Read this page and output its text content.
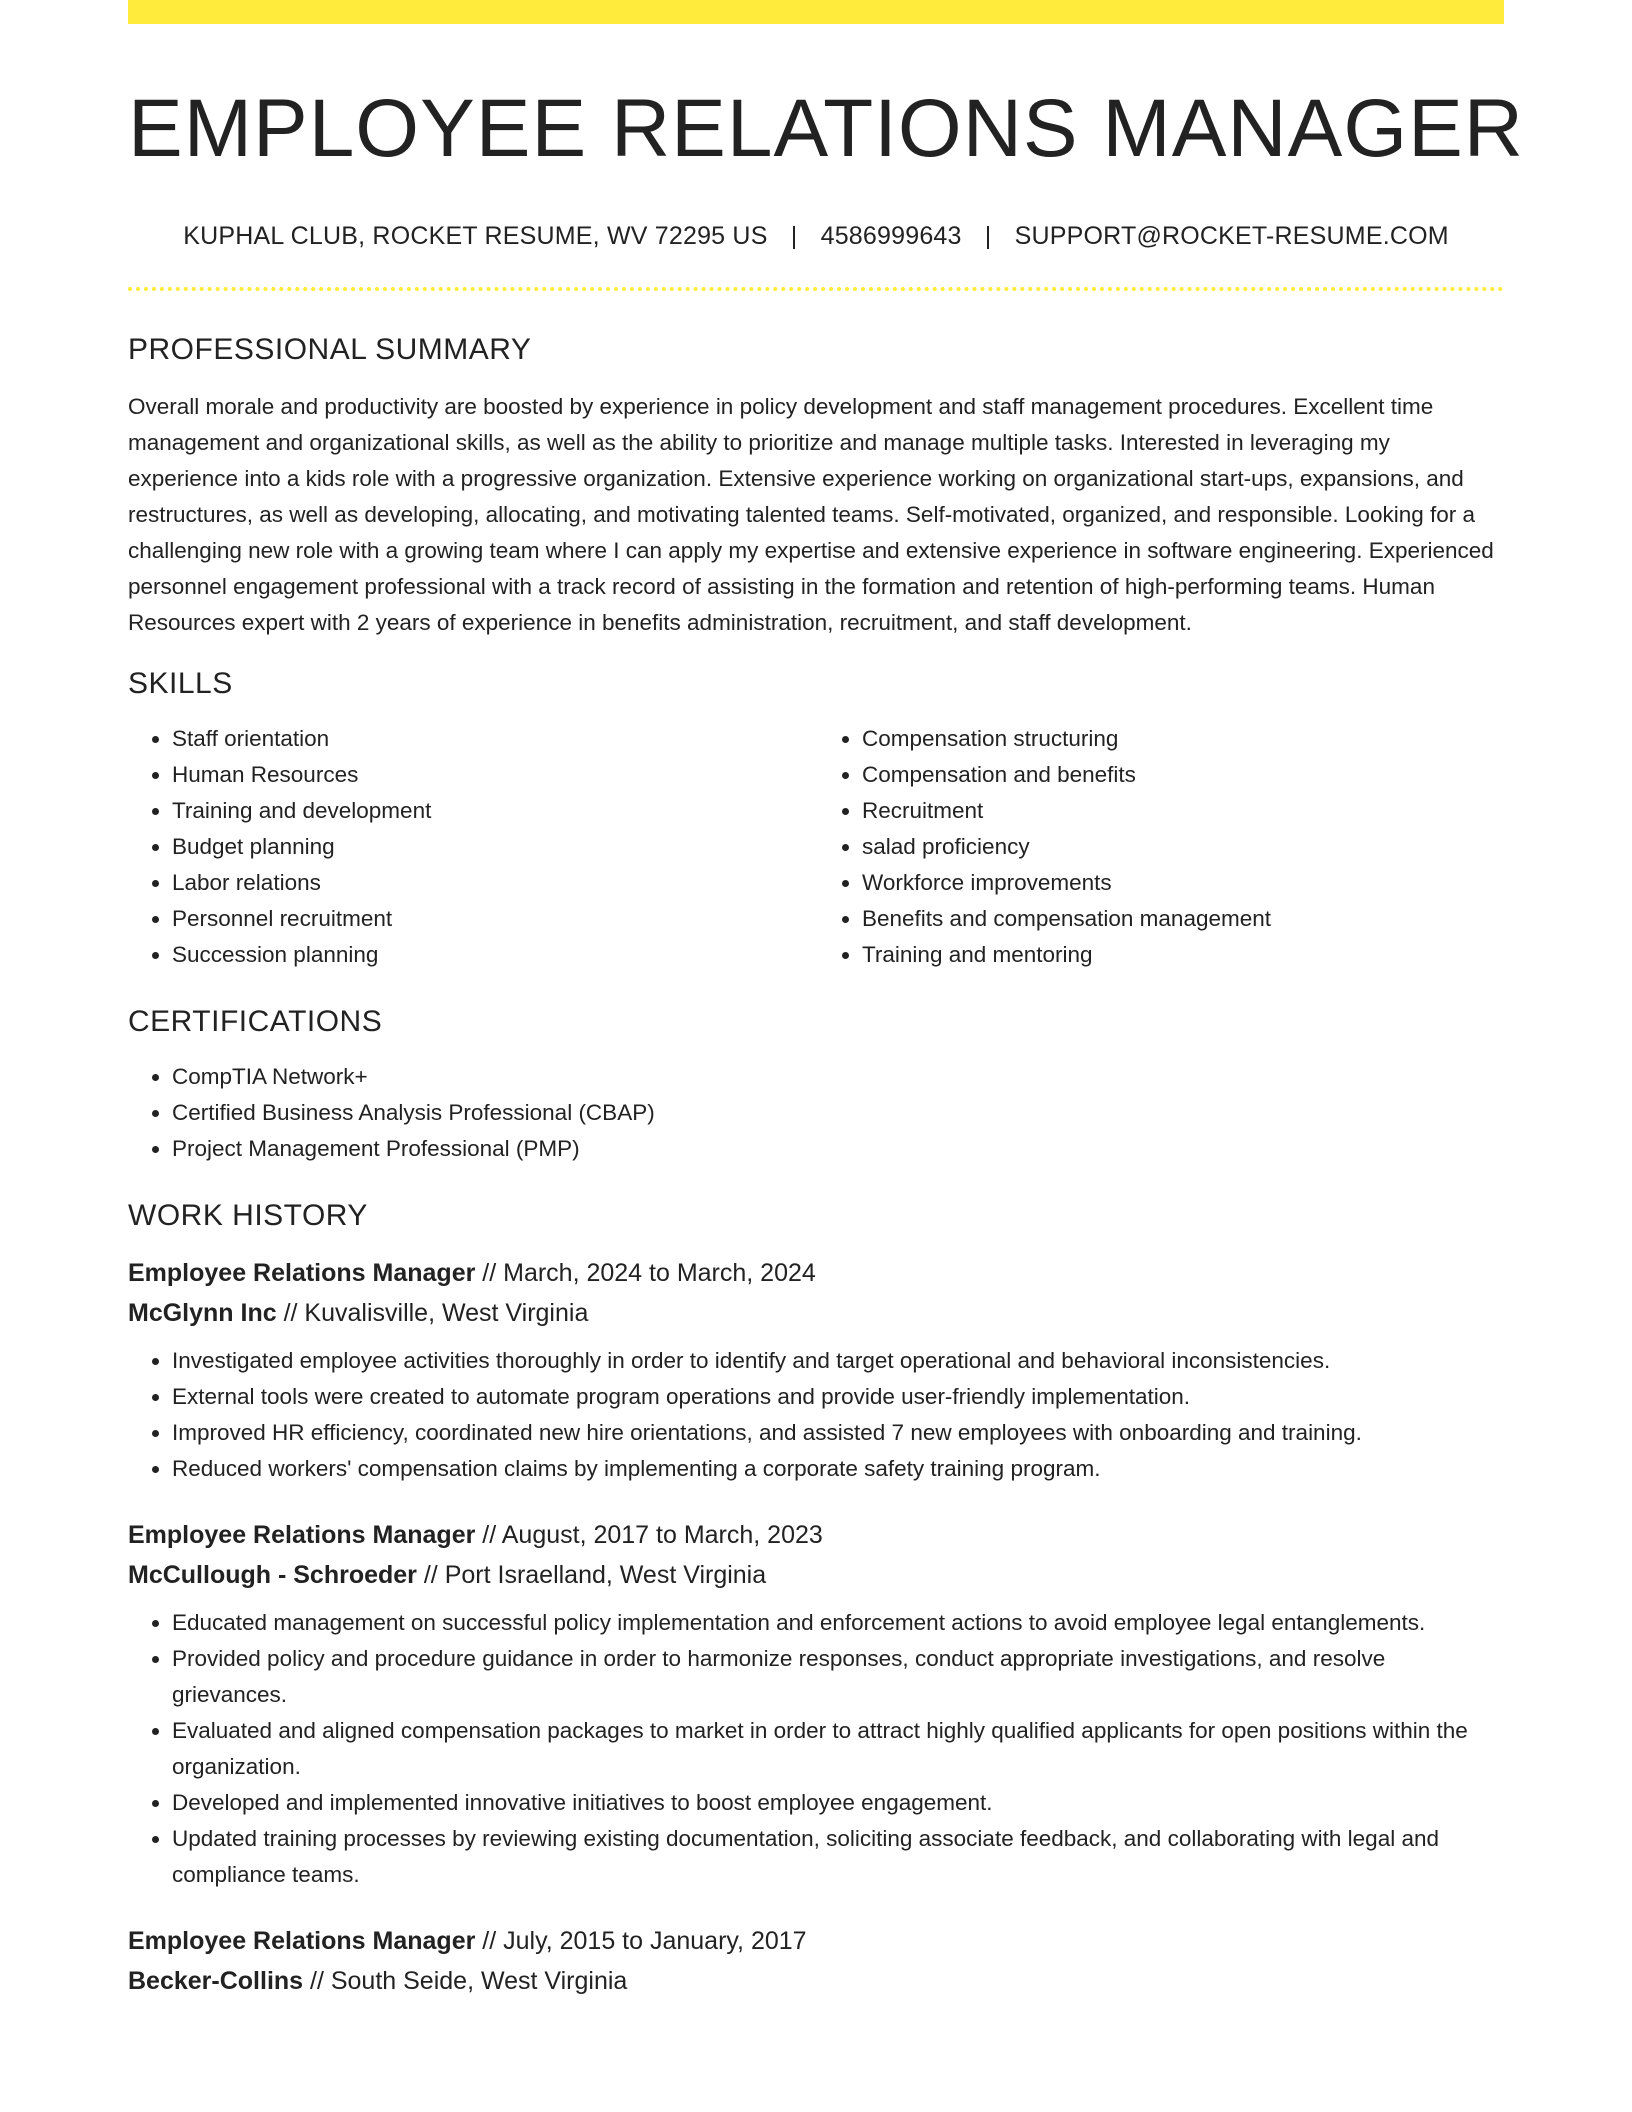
EMPLOYEE RELATIONS MANAGER
KUPHAL CLUB, ROCKET RESUME, WV 72295 US | 4586999643 | SUPPORT@ROCKET-RESUME.COM
PROFESSIONAL SUMMARY

Overall morale and productivity are boosted by experience in policy development and staff management procedures. Excellent time management and organizational skills, as well as the ability to prioritize and manage multiple tasks. Interested in leveraging my experience into a kids role with a progressive organization. Extensive experience working on organizational start-ups, expansions, and restructures, as well as developing, allocating, and motivating talented teams. Self-motivated, organized, and responsible. Looking for a challenging new role with a growing team where I can apply my expertise and extensive experience in software engineering. Experienced personnel engagement professional with a track record of assisting in the formation and retention of high-performing teams. Human Resources expert with 2 years of experience in benefits administration, recruitment, and staff development.

SKILLS
• Staff orientation
• Human Resources
• Training and development
• Budget planning
• Labor relations
• Personnel recruitment
• Succession planning
• Compensation structuring
• Compensation and benefits
• Recruitment
• salad proficiency
• Workforce improvements
• Benefits and compensation management
• Training and mentoring
CERTIFICATIONS
• CompTIA Network+
• Certified Business Analysis Professional (CBAP)
• Project Management Professional (PMP)
WORK HISTORY
Employee Relations Manager // March, 2024 to March, 2024
McGlynn Inc // Kuvalisville, West Virginia
• Investigated employee activities thoroughly in order to identify and target operational and behavioral inconsistencies.
• External tools were created to automate program operations and provide user-friendly implementation.
• Improved HR efficiency, coordinated new hire orientations, and assisted 7 new employees with onboarding and training.
• Reduced workers' compensation claims by implementing a corporate safety training program.
Employee Relations Manager // August, 2017 to March, 2023
McCullough - Schroeder // Port Israelland, West Virginia
• Educated management on successful policy implementation and enforcement actions to avoid employee legal entanglements.
• Provided policy and procedure guidance in order to harmonize responses, conduct appropriate investigations, and resolve grievances.
• Evaluated and aligned compensation packages to market in order to attract highly qualified applicants for open positions within the organization.
• Developed and implemented innovative initiatives to boost employee engagement.
• Updated training processes by reviewing existing documentation, soliciting associate feedback, and collaborating with legal and compliance teams.
Employee Relations Manager // July, 2015 to January, 2017
Becker-Collins // South Seide, West Virginia
